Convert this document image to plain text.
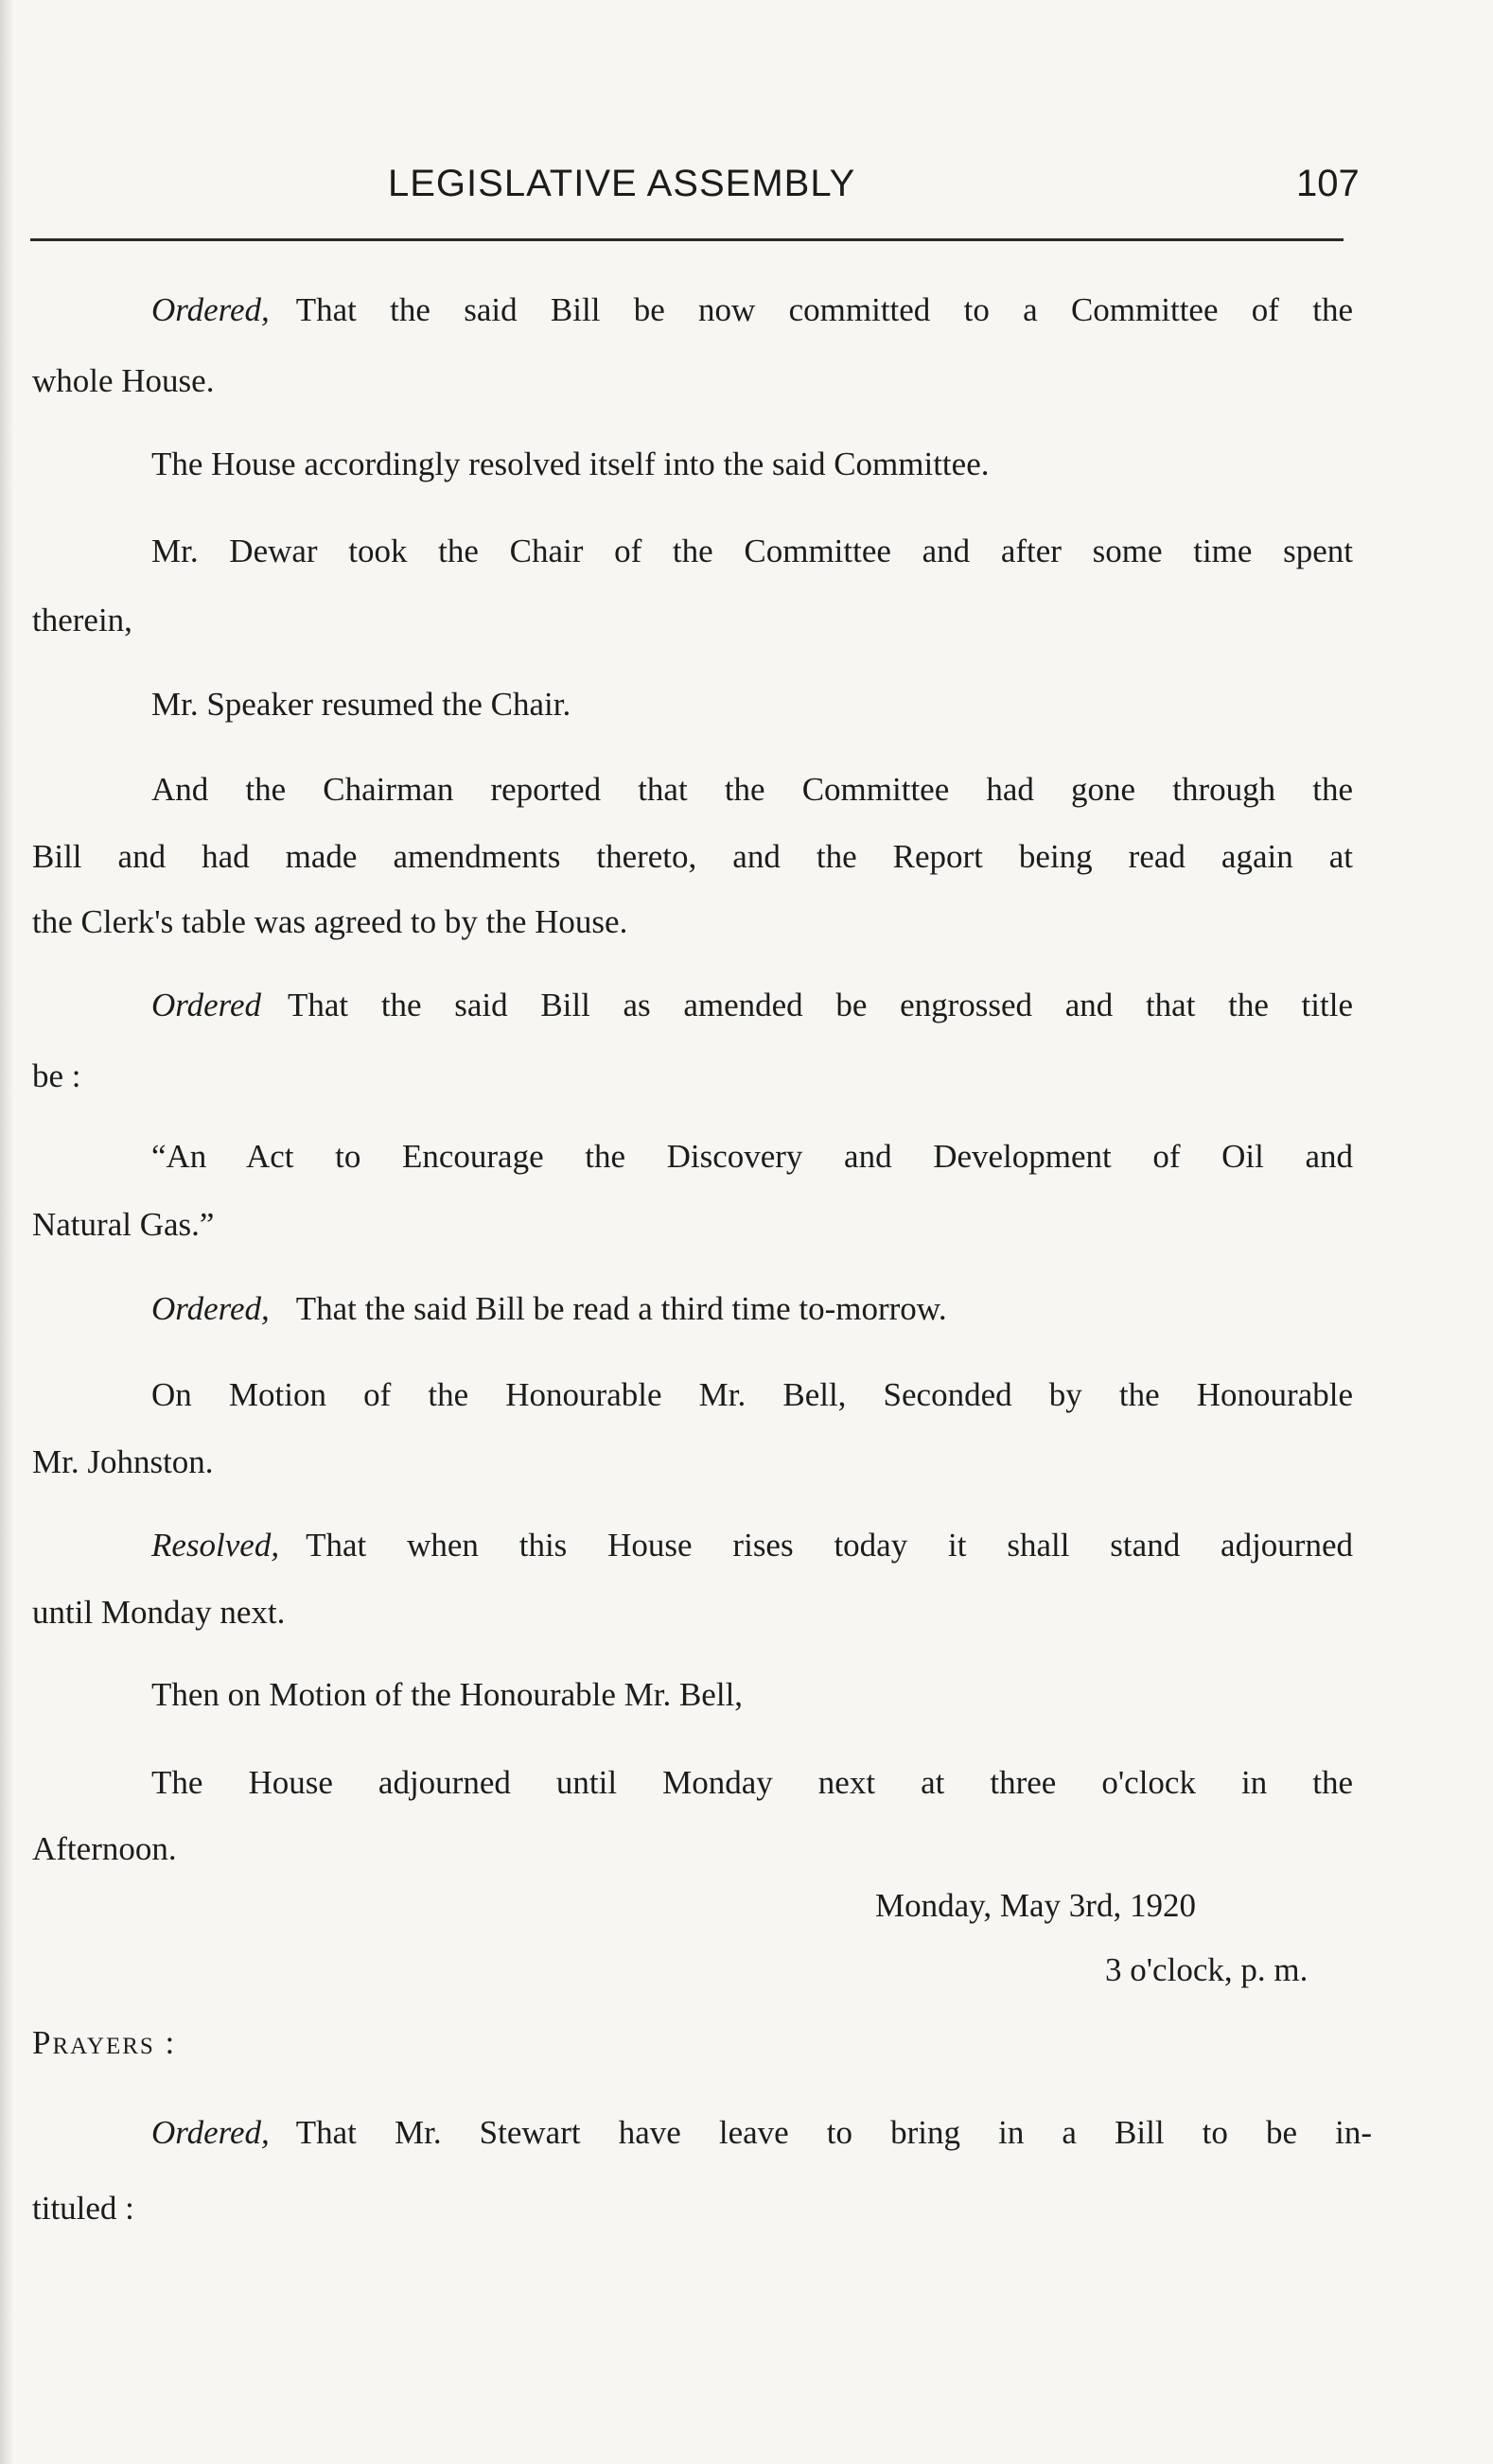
LEGISLATIVE ASSEMBLY	107
Ordered, That the said Bill be now committed to a Committee of the
whole House.
The House accordingly resolved itself into the said Committee.
Mr. Dewar took the Chair of the Committee and after some time spent
therein,
Mr. Speaker resumed the Chair.
And the Chairman reported that the Committee had gone through the
Bill and had made amendments thereto, and the Report being read again at
the Clerk's table was agreed to by the House.
Ordered That the said Bill as amended be engrossed and that the title
be :
“An Act to Encourage the Discovery and Development of Oil and
Natural Gas.”
Ordered, That the said Bill be read a third time to-morrow.
On Motion of the Honourable Mr. Bell, Seconded by the Honourable
Mr. Johnston.
Resolved, That when this House rises today it shall stand adjourned
until Monday next.
Then on Motion of the Honourable Mr. Bell,
The House adjourned until Monday next at three o'clock in the
Afternoon.
Monday, May 3rd, 1920
3 o'clock, p. m.
Prayers :
Ordered, That Mr. Stewart have leave to bring in a Bill to be in-
tituled :
